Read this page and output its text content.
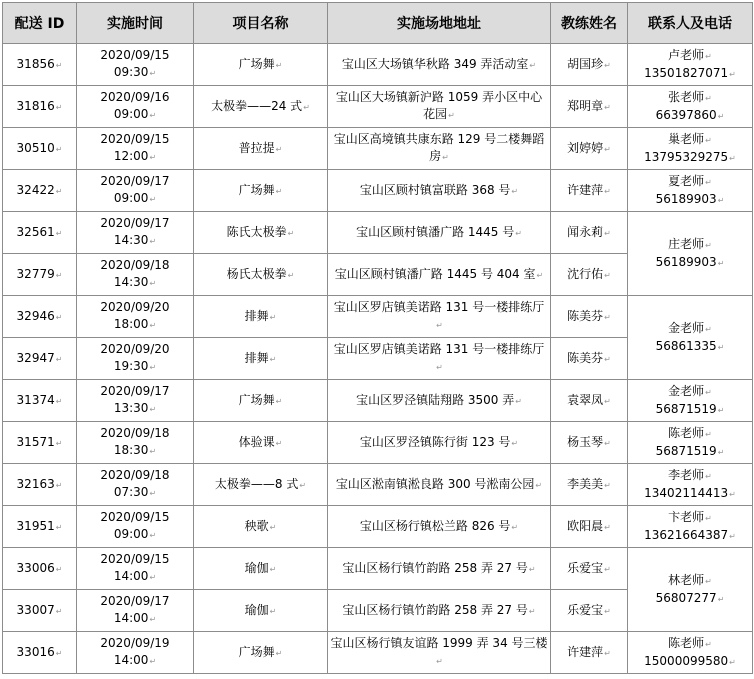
配送 ID	实施时间	项目名称	实施场地地址	教练姓名	联系人及电话
31856↵	2020/09/15
09:30↵	广场舞↵	宝山区大场镇华秋路 349 弄活动室↵	胡国珍↵	卢老师↵
13501827071↵
31816↵	2020/09/16
09:00↵	太极拳——24 式↵	宝山区大场镇新沪路 1059 弄小区中心花园↵	郑明章↵	张老师↵
66397860↵
30510↵	2020/09/15
12:00↵	普拉提↵	宝山区高境镇共康东路 129 号二楼舞蹈房↵	刘婷婷↵	巢老师↵
13795329275↵
32422↵	2020/09/17
09:00↵	广场舞↵	宝山区顾村镇富联路 368 号↵	许建萍↵	夏老师↵
56189903↵
32561↵	2020/09/17
14:30↵	陈氏太极拳↵	宝山区顾村镇潘广路 1445 号↵	闻永莉↵	庄老师↵
56189903↵
32779↵	2020/09/18
14:30↵	杨氏太极拳↵	宝山区顾村镇潘广路 1445 号 404 室↵	沈行佑↵	
32946↵	2020/09/20
18:00↵	排舞↵	宝山区罗店镇美诺路 131 号一楼排练厅↵	陈美芬↵	金老师↵
56861335↵
32947↵	2020/09/20
19:30↵	排舞↵	宝山区罗店镇美诺路 131 号一楼排练厅↵	陈美芬↵	
31374↵	2020/09/17
13:30↵	广场舞↵	宝山区罗泾镇陆翔路 3500 弄↵	袁翠凤↵	金老师↵
56871519↵
31571↵	2020/09/18
18:30↵	体验课↵	宝山区罗泾镇陈行街 123 号↵	杨玉琴↵	陈老师↵
56871519↵
32163↵	2020/09/18
07:30↵	太极拳——8 式↵	宝山区淞南镇淞良路 300 号淞南公园↵	李美美↵	李老师↵
13402114413↵
31951↵	2020/09/15
09:00↵	秧歌↵	宝山区杨行镇松兰路 826 号↵	欧阳晨↵	卞老师↵
13621664387↵
33006↵	2020/09/15
14:00↵	瑜伽↵	宝山区杨行镇竹韵路 258 弄 27 号↵	乐爱宝↵	林老师↵
56807277↵
33007↵	2020/09/17
14:00↵	瑜伽↵	宝山区杨行镇竹韵路 258 弄 27 号↵	乐爱宝↵	
33016↵	2020/09/19
14:00↵	广场舞↵	宝山区杨行镇友谊路 1999 弄 34 号三楼↵	许建萍↵	陈老师↵
15000099580↵
